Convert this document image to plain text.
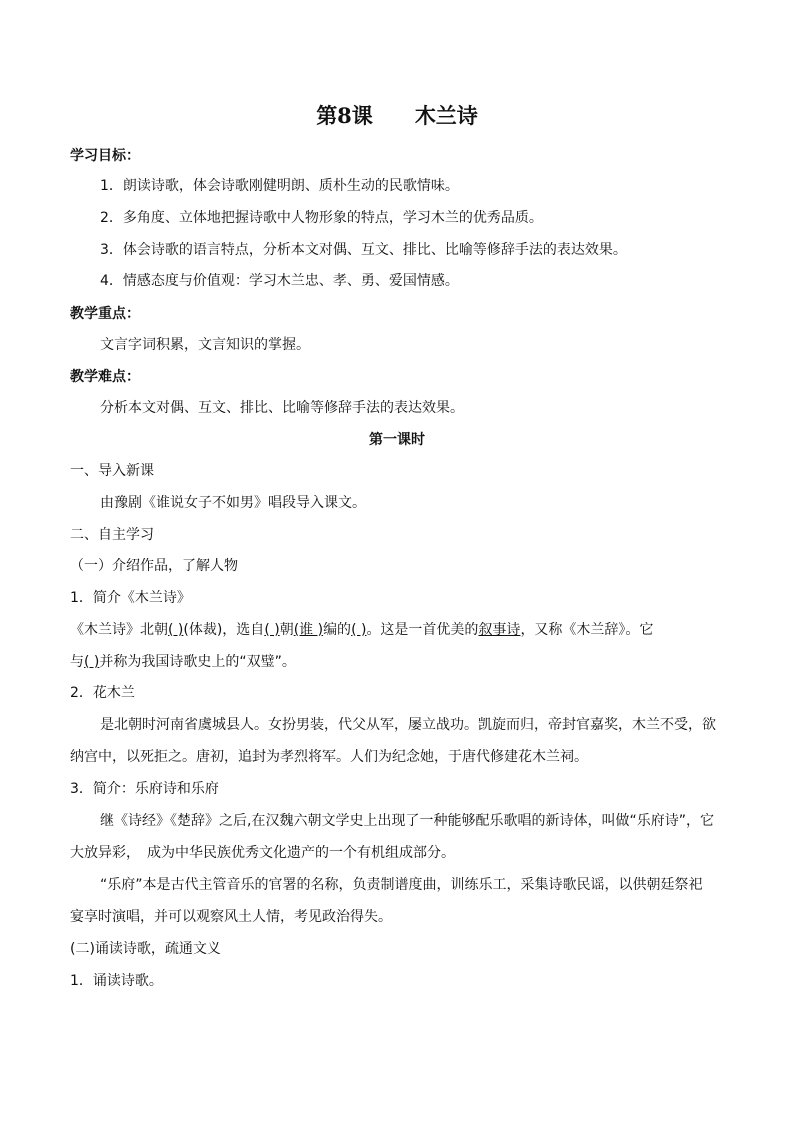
第8课　　 木兰诗
学习目标：
1．朗读诗歌，体会诗歌刚健明朗、质朴生动的民歌情味。
2．多角度、立体地把握诗歌中人物形象的特点，学习木兰的优秀品质。
3．体会诗歌的语言特点，分析本文对偶、互文、排比、比喻等修辞手法的表达效果。
4．情感态度与价值观：学习木兰忠、孝、勇、爱国情感。
教学重点：
文言字词积累，文言知识的掌握。
教学难点：
分析本文对偶、互文、排比、比喻等修辞手法的表达效果。
第一课时
一、导入新课
由豫剧《谁说女子不如男》唱段导入课文。
二、自主学习
（一）介绍作品，了解人物
1．简介《木兰诗》
《木兰诗》北朝( )(体裁)，选自( )朝(谁 )编的( )。这是一首优美的叙事诗，又称《木兰辞》。它
与( )并称为我国诗歌史上的“双璧”。
2．花木兰
是北朝时河南省虞城县人。女扮男装，代父从军，屡立战功。凯旋而归，帝封官嘉奖，木兰不受，欲
纳宫中，以死拒之。唐初，追封为孝烈将军。人们为纪念她，于唐代修建花木兰祠。
3．简介：乐府诗和乐府
继《诗经》《楚辞》之后,在汉魏六朝文学史上出现了一种能够配乐歌唱的新诗体，叫做“乐府诗”，它
大放异彩，　成为中华民族优秀文化遗产的一个有机组成部分。
“乐府”本是古代主管音乐的官署的名称，负责制谱度曲，训练乐工，采集诗歌民谣，以供朝廷祭祀
宴享时演唱，并可以观察风土人情，考见政治得失。
(二)诵读诗歌，疏通文义
1．诵读诗歌。
